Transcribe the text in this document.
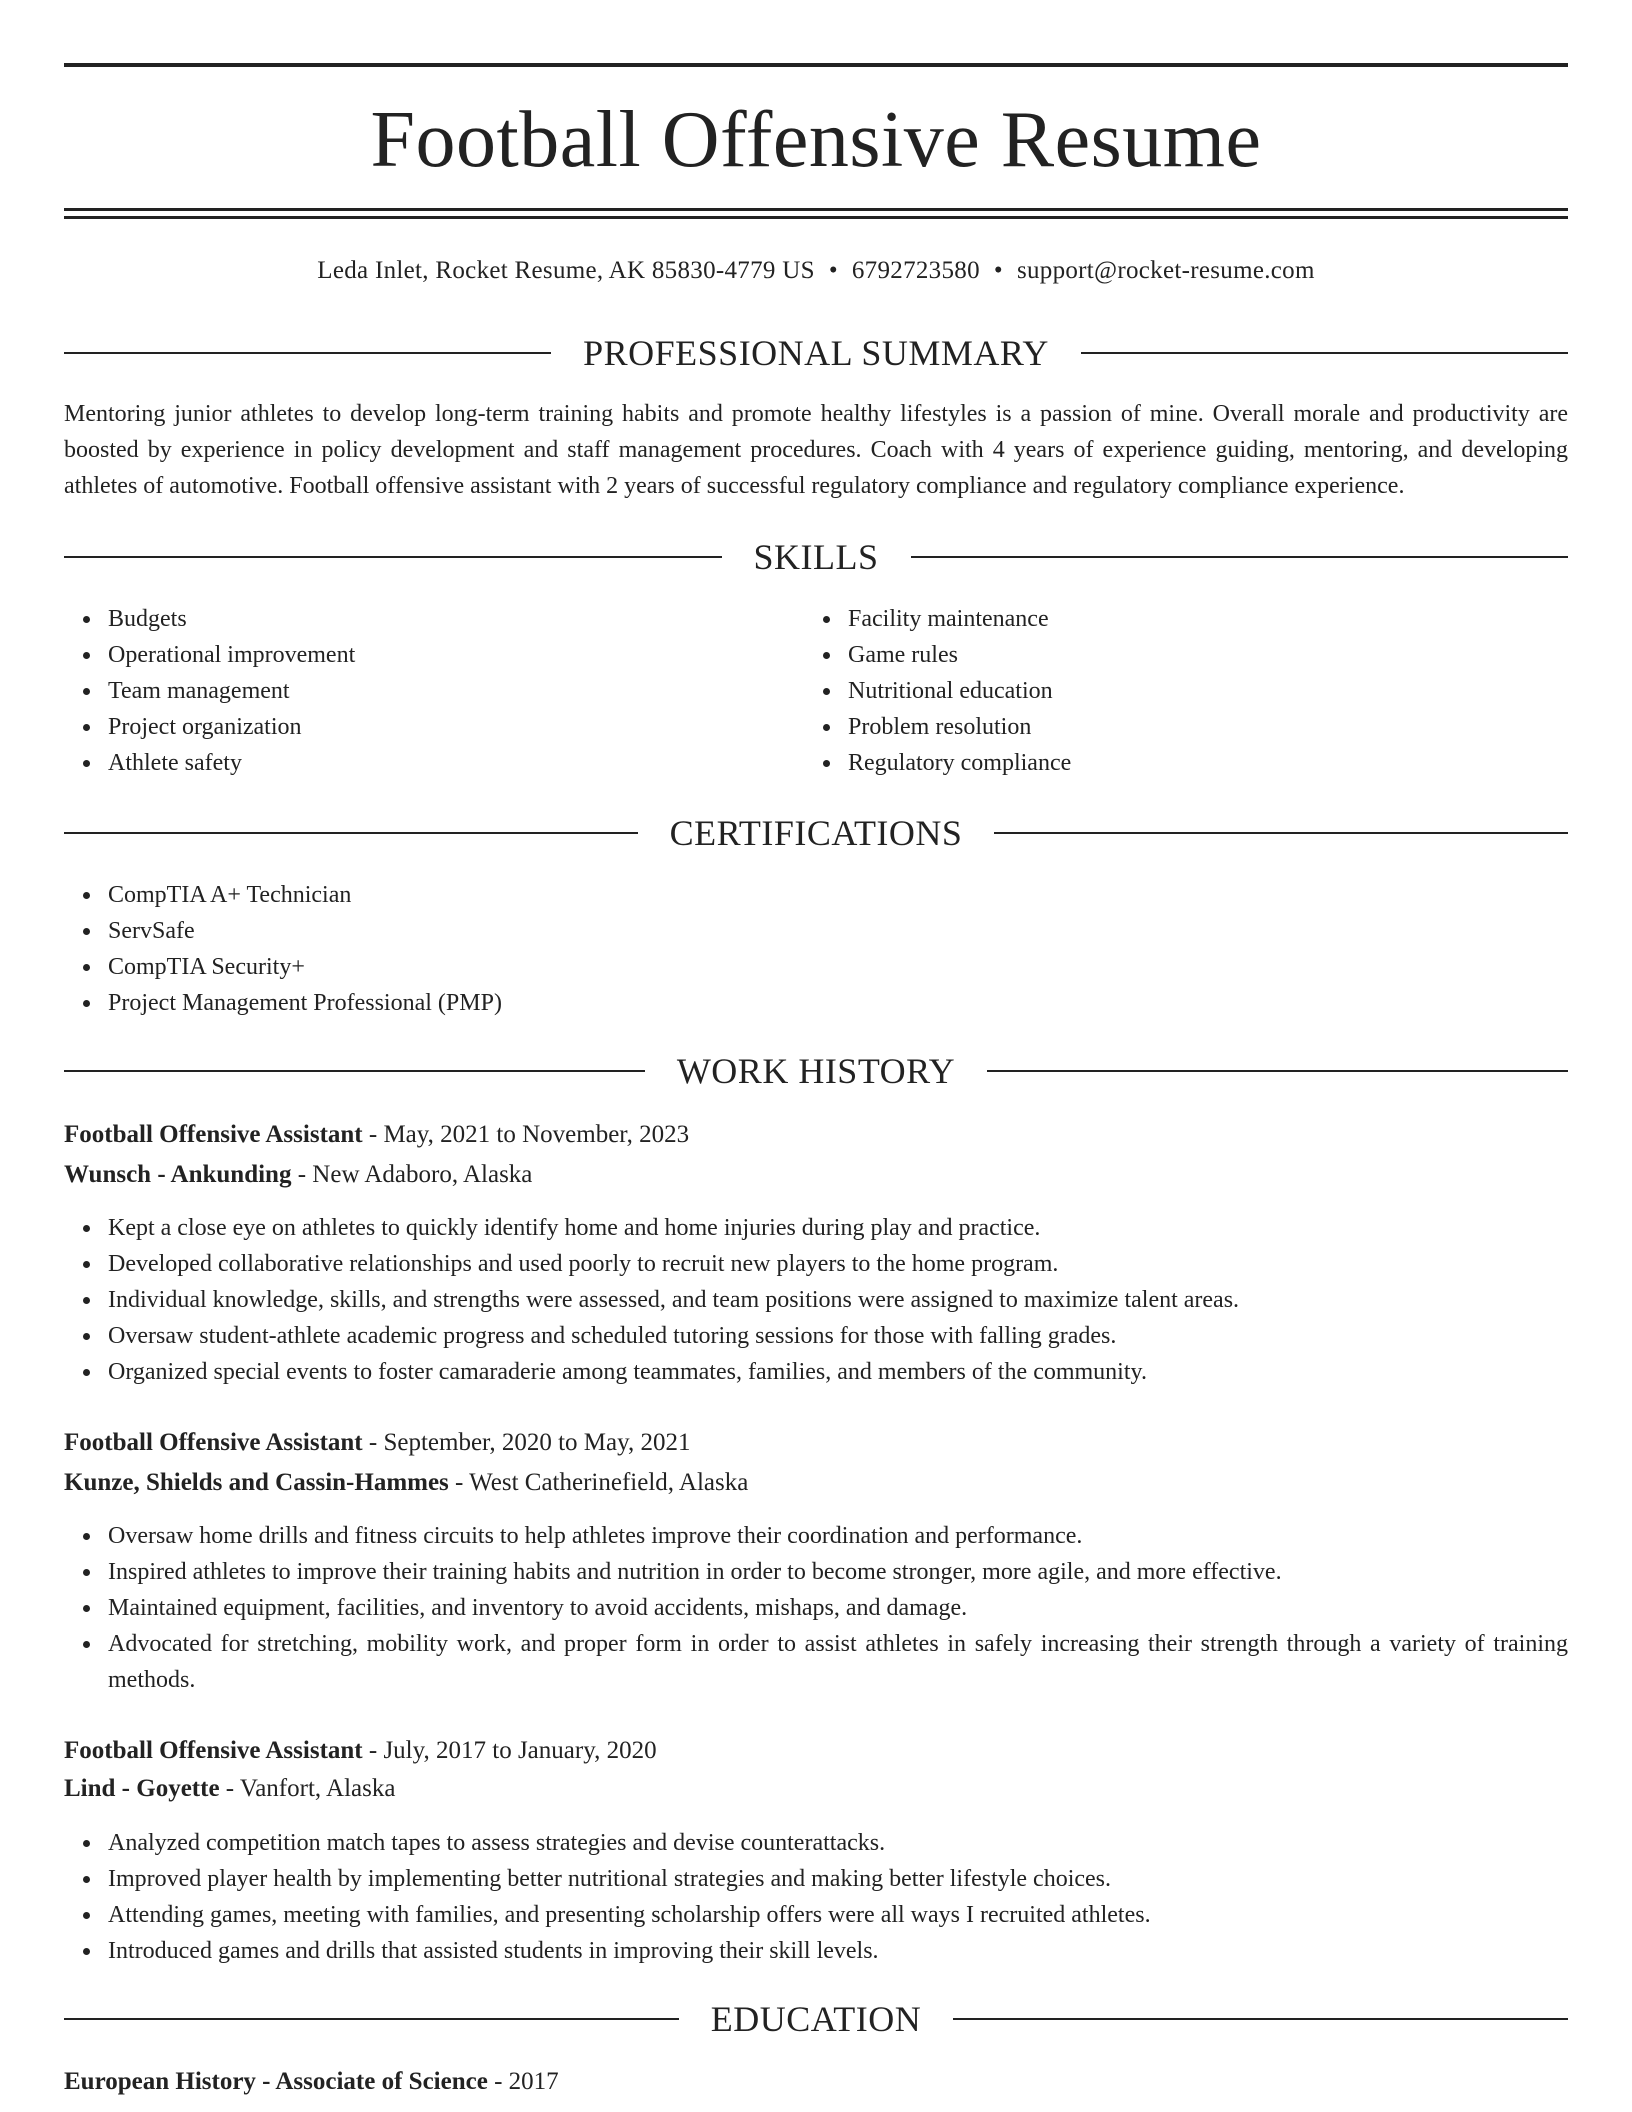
Football Offensive Resume
Leda Inlet, Rocket Resume, AK 85830-4779 US • 6792723580 • support@rocket-resume.com
PROFESSIONAL SUMMARY

Mentoring junior athletes to develop long-term training habits and promote healthy lifestyles is a passion of mine. Overall morale and productivity are boosted by experience in policy development and staff management procedures. Coach with 4 years of experience guiding, mentoring, and developing athletes of automotive. Football offensive assistant with 2 years of successful regulatory compliance and regulatory compliance experience.

SKILLS
Budgets
Operational improvement
Team management
Project organization
Athlete safety
Facility maintenance
Game rules
Nutritional education
Problem resolution
Regulatory compliance
CERTIFICATIONS
CompTIA A+ Technician
ServSafe
CompTIA Security+
Project Management Professional (PMP)
WORK HISTORY
Football Offensive Assistant - May, 2021 to November, 2023
Wunsch - Ankunding - New Adaboro, Alaska
Kept a close eye on athletes to quickly identify home and home injuries during play and practice.
Developed collaborative relationships and used poorly to recruit new players to the home program.
Individual knowledge, skills, and strengths were assessed, and team positions were assigned to maximize talent areas.
Oversaw student-athlete academic progress and scheduled tutoring sessions for those with falling grades.
Organized special events to foster camaraderie among teammates, families, and members of the community.
Football Offensive Assistant - September, 2020 to May, 2021
Kunze, Shields and Cassin-Hammes - West Catherinefield, Alaska
Oversaw home drills and fitness circuits to help athletes improve their coordination and performance.
Inspired athletes to improve their training habits and nutrition in order to become stronger, more agile, and more effective.
Maintained equipment, facilities, and inventory to avoid accidents, mishaps, and damage.
Advocated for stretching, mobility work, and proper form in order to assist athletes in safely increasing their strength through a variety of training methods.
Football Offensive Assistant - July, 2017 to January, 2020
Lind - Goyette - Vanfort, Alaska
Analyzed competition match tapes to assess strategies and devise counterattacks.
Improved player health by implementing better nutritional strategies and making better lifestyle choices.
Attending games, meeting with families, and presenting scholarship offers were all ways I recruited athletes.
Introduced games and drills that assisted students in improving their skill levels.
EDUCATION
European History - Associate of Science - 2017
